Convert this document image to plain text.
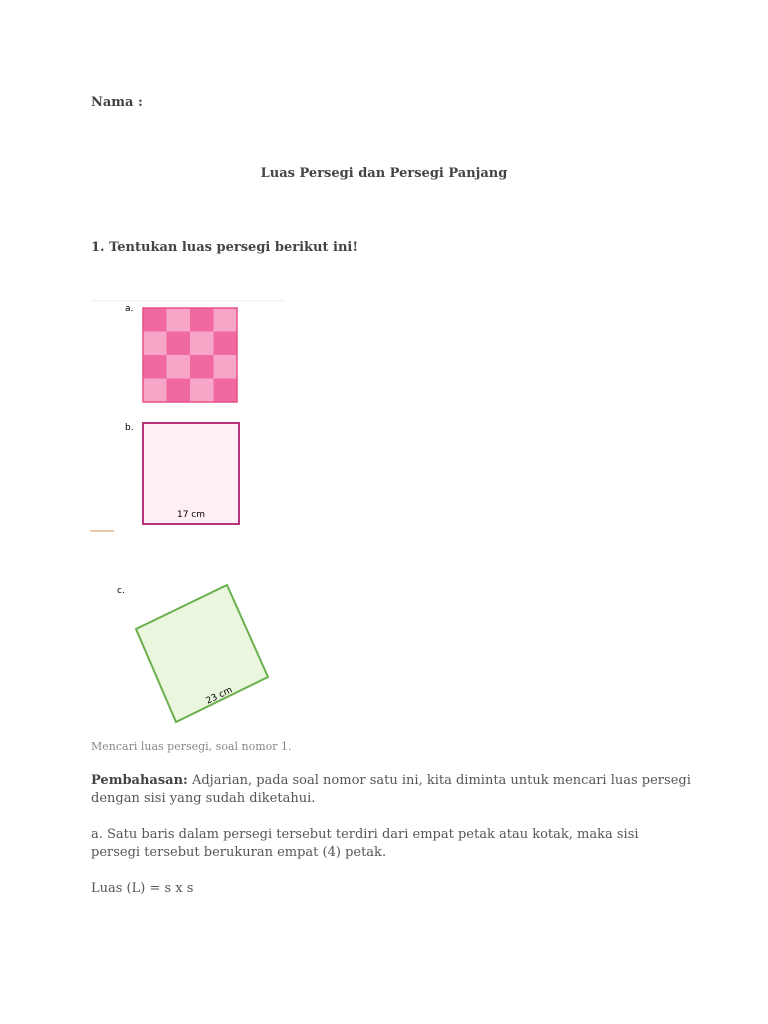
Nama :
Luas Persegi dan Persegi Panjang
1. Tentukan luas persegi berikut ini!
a.
b.
17 cm
c.
23 cm
Mencari luas persegi, soal nomor 1.
Pembahasan: Adjarian, pada soal nomor satu ini, kita diminta untuk mencari luas persegi dengan sisi yang sudah diketahui.
a. Satu baris dalam persegi tersebut terdiri dari empat petak atau kotak, maka sisi persegi tersebut berukuran empat (4) petak.
Luas (L) = s x s
